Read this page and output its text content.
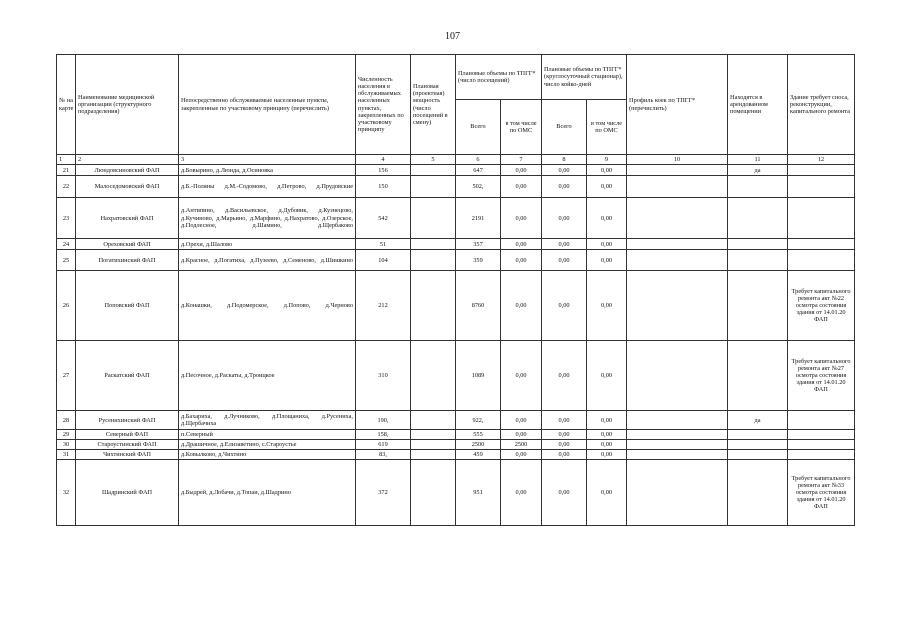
107
№ на карте	Наименование медицинской организации (структурного подразделения)	Непосредственно обслуживаемые населенные пункты, закрепленные по участковому принципу (перечислить)	Численность населения в обслуживаемых населенных пунктах, закрепленных по участковому принципу	Плановая (проектная) мощность (число посещений в смену)	Плановые объемы по ТПГГ* (число посещений)		Плановые объемы по ТПГГ* (круглосуточный стационар), число койко-дней		Профиль коек по ТПГГ* (перечислить)	Находятся в арендованном помещении	Здание требует сноса, реконструкции, капитального ремонта
					Всего	в том числе по ОМС	Всего	в том числе по ОМС			
1	2	3	4	5	6	7	8	9	10	11	12
21	Люндовсиновский ФАП	д.Бовырино, д.Люнда, д.Осиновка	156		647	0,00	0,00	0,00		да	
22	Малоседомовский ФАП	д.Б.-Поляны д.М.-Содомово, д.Петрово, д.Прудовские	150		502,	0,00	0,00	0,00			
23	Нахратовский ФАП	д.Антипино, д.Васильевское, д.Дубовик, д.Кузнецово, д.Кучиново, д.Марьино, д.Марфино, д.Нахратово, д.Озерское, д.Подлесное, д.Шамино, д.Щербаково	542		2191	0,00	0,00	0,00			
24	Ореховский ФАП	д.Орехи, д.Шалово	51		357	0,00	0,00	0,00			
25	Погатихинский ФАП	д.Красное, д.Погатиха, д.Пузеево, д.Семеново, д.Шишкино	104		359	0,00	0,00	0,00			
26	Поповский ФАП	д.Конашки, д.Подомерское, д.Попово, д.Черново	212		8760	0,00	0,00	0,00			Требует капитального ремонта акт №22 осмотра состояния здания от 14.01.20 ФАП
27	Раскатский ФАП	д.Песочное, д.Раскаты, д.Троицкое	310		1089	0,00	0,00	0,00			Требует капитального ремонта акт №27 осмотра состояния здания от 14.01.20 ФАП
28	Русенихинский ФАП	д.Бахариха, д.Лучниково, д.Площаниха, д.Русениха, д.Щербачиха	190,		922,	0,00	0,00	0,00		да	
29	Северный ФАП	п.Северный	158,		555	0,00	0,00	0,00			
30	Староустинский ФАП	д.Драшичное, д.Елизаветино, с.Староустье	619		2500	2500	0,00	0,00			
31	Чихтинский ФАП	д.Ковылково, д.Чихтино	83,		459	0,00	0,00	0,00			
32	Шадринский ФАП	д.Быдрей, д.Лобачи, д.Топаи, д.Шадрино	372		951	0,00	0,00	0,00			Требует капитального ремонта акт №33 осмотра состояния здания от 14.01.20 ФАП
